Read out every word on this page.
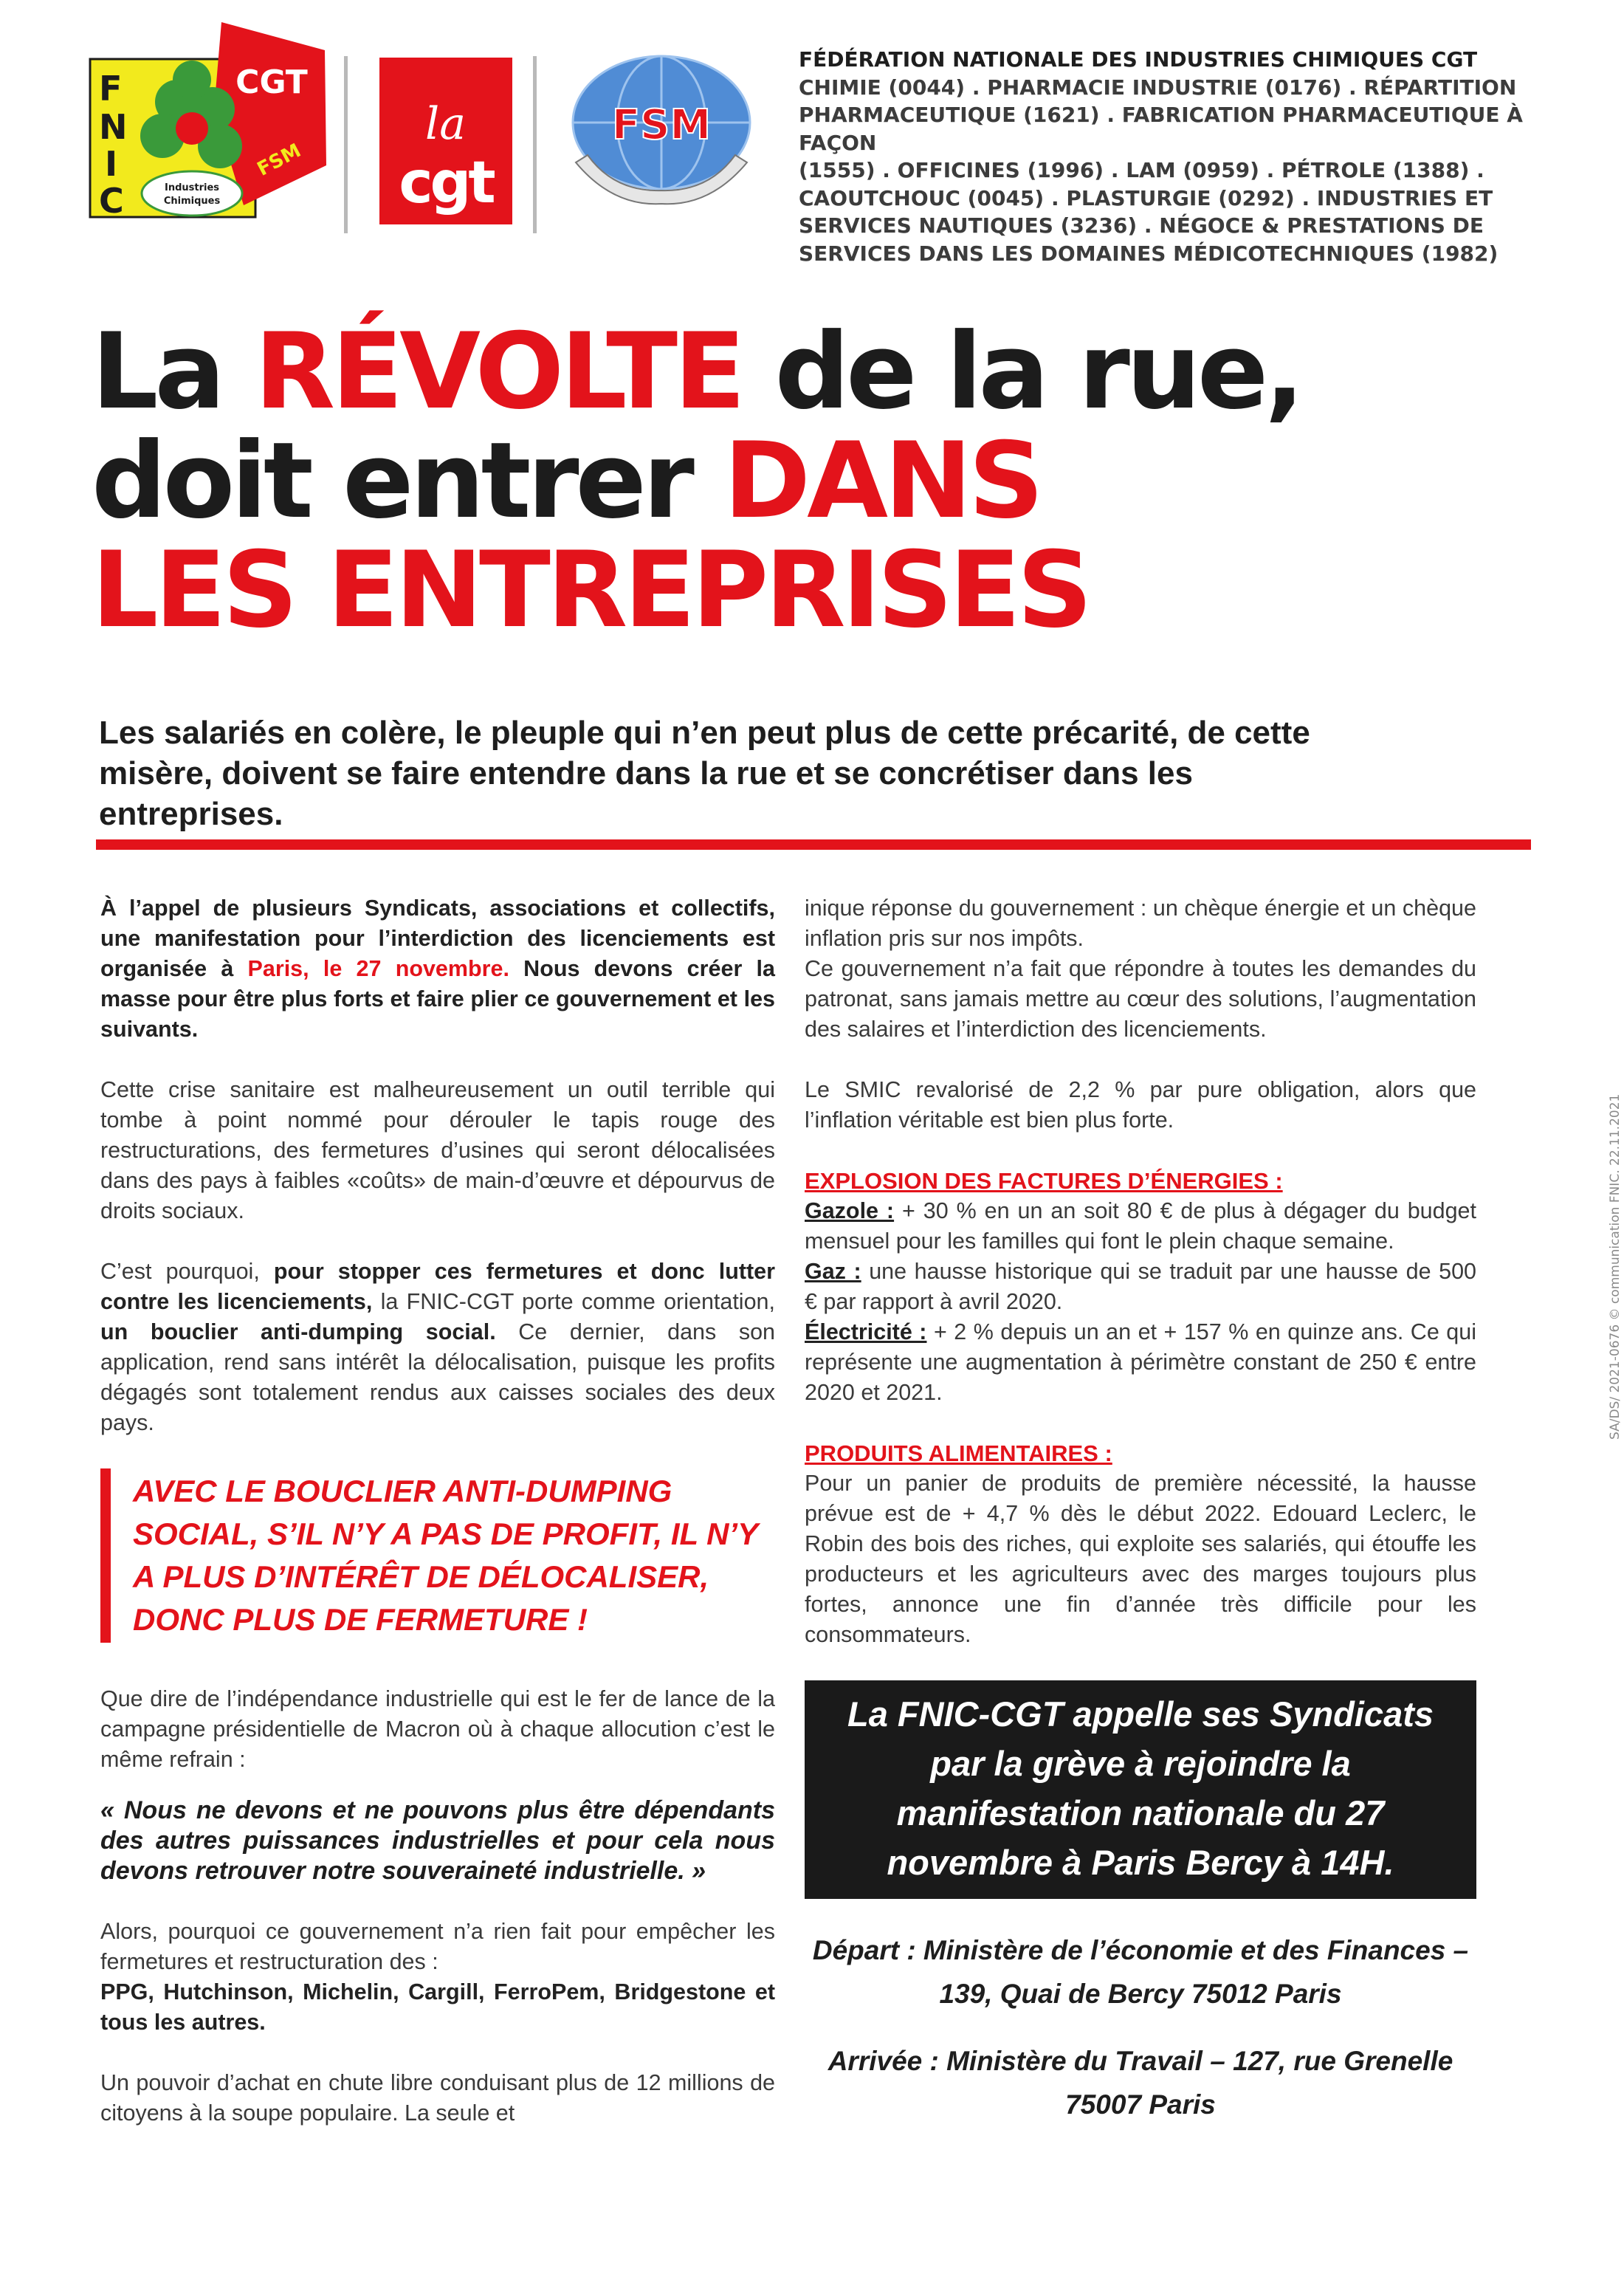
F
N
I
C	Industries
Chimiques
CGT
FSM
la
cgt
FSM
FÉDÉRATION NATIONALE DES INDUSTRIES CHIMIQUES CGT
CHIMIE (0044) . PHARMACIE INDUSTRIE (0176) . RÉPARTITION
PHARMACEUTIQUE (1621) . FABRICATION PHARMACEUTIQUE À FAÇON
(1555) . OFFICINES (1996) . LAM (0959) . PÉTROLE (1388) .
CAOUTCHOUC (0045) . PLASTURGIE (0292) . INDUSTRIES ET
SERVICES NAUTIQUES (3236) . NÉGOCE & PRESTATIONS DE
SERVICES DANS LES DOMAINES MÉDICOTECHNIQUES (1982)
La RÉVOLTE de la rue,
doit entrer DANS
LES ENTREPRISES
Les salariés en colère, le pleuple qui n’en peut plus de cette précarité, de cette misère, doivent se faire entendre dans la rue et se concrétiser dans les entreprises.

À l’appel de plusieurs Syndicats, associations et collectifs, une manifestation pour l’interdiction des licenciements est organisée à Paris, le 27 novembre. Nous devons créer la masse pour être plus forts et faire plier ce gouvernement et les suivants.

Cette crise sanitaire est malheureusement un outil terrible qui tombe à point nommé pour dérouler le tapis rouge des restructurations, des fermetures d’usines qui seront délocalisées dans des pays à faibles «coûts» de main-d’œuvre et dépourvus de droits sociaux.

C’est pourquoi, pour stopper ces fermetures et donc lutter contre les licenciements, la FNIC-CGT porte comme orientation, un bouclier anti-dumping social. Ce dernier, dans son application, rend sans intérêt la délocalisation, puisque les profits dégagés sont totalement rendus aux caisses sociales des deux pays.

AVEC LE BOUCLIER ANTI-DUMPING SOCIAL, S’IL N’Y A PAS DE PROFIT, IL N’Y A PLUS D’INTÉRÊT DE DÉLOCALISER, DONC PLUS DE FERMETURE !

Que dire de l’indépendance industrielle qui est le fer de lance de la campagne présidentielle de Macron où à chaque allocution c’est le même refrain :

« Nous ne devons et ne pouvons plus être dépendants des autres puissances industrielles et pour cela nous devons retrouver notre souveraineté industrielle. »

Alors, pourquoi ce gouvernement n’a rien fait pour empêcher les fermetures et restructuration des :

PPG, Hutchinson, Michelin, Cargill, FerroPem, Bridgestone et tous les autres.

Un pouvoir d’achat en chute libre conduisant plus de 12 millions de citoyens à la soupe populaire. La seule et

inique réponse du gouvernement : un chèque énergie et un chèque inflation pris sur nos impôts.

Ce gouvernement n’a fait que répondre à toutes les demandes du patronat, sans jamais mettre au cœur des solutions, l’augmentation des salaires et l’interdiction des licenciements.

Le SMIC revalorisé de 2,2 % par pure obligation, alors que l’inflation véritable est bien plus forte.

EXPLOSION DES FACTURES D’ÉNERGIES :
Gazole : + 30 % en un an soit 80 € de plus à dégager du budget mensuel pour les familles qui font le plein chaque semaine.
Gaz : une hausse historique qui se traduit par une hausse de 500 € par rapport à avril 2020.

Électricité : + 2 % depuis un an et + 157 % en quinze ans. Ce qui représente une augmentation à périmètre constant de 250 € entre 2020 et 2021.

PRODUITS ALIMENTAIRES :

Pour un panier de produits de première nécessité, la hausse prévue est de + 4,7 % dès le début 2022. Edouard Leclerc, le Robin des bois des riches, qui exploite ses salariés, qui étouffe les producteurs et les agriculteurs avec des marges toujours plus fortes, annonce une fin d’année très difficile pour les consommateurs.

La FNIC-CGT appelle ses Syndicats par la grève à rejoindre la manifestation nationale du 27 novembre à Paris Bercy à 14H.

Départ : Ministère de l’économie et des Finances – 139, Quai de Bercy 75012 Paris

Arrivée : Ministère du Travail – 127, rue Grenelle 75007 Paris

SA/DS/ 2021-0676 © communication FNIC. 22.11.2021
